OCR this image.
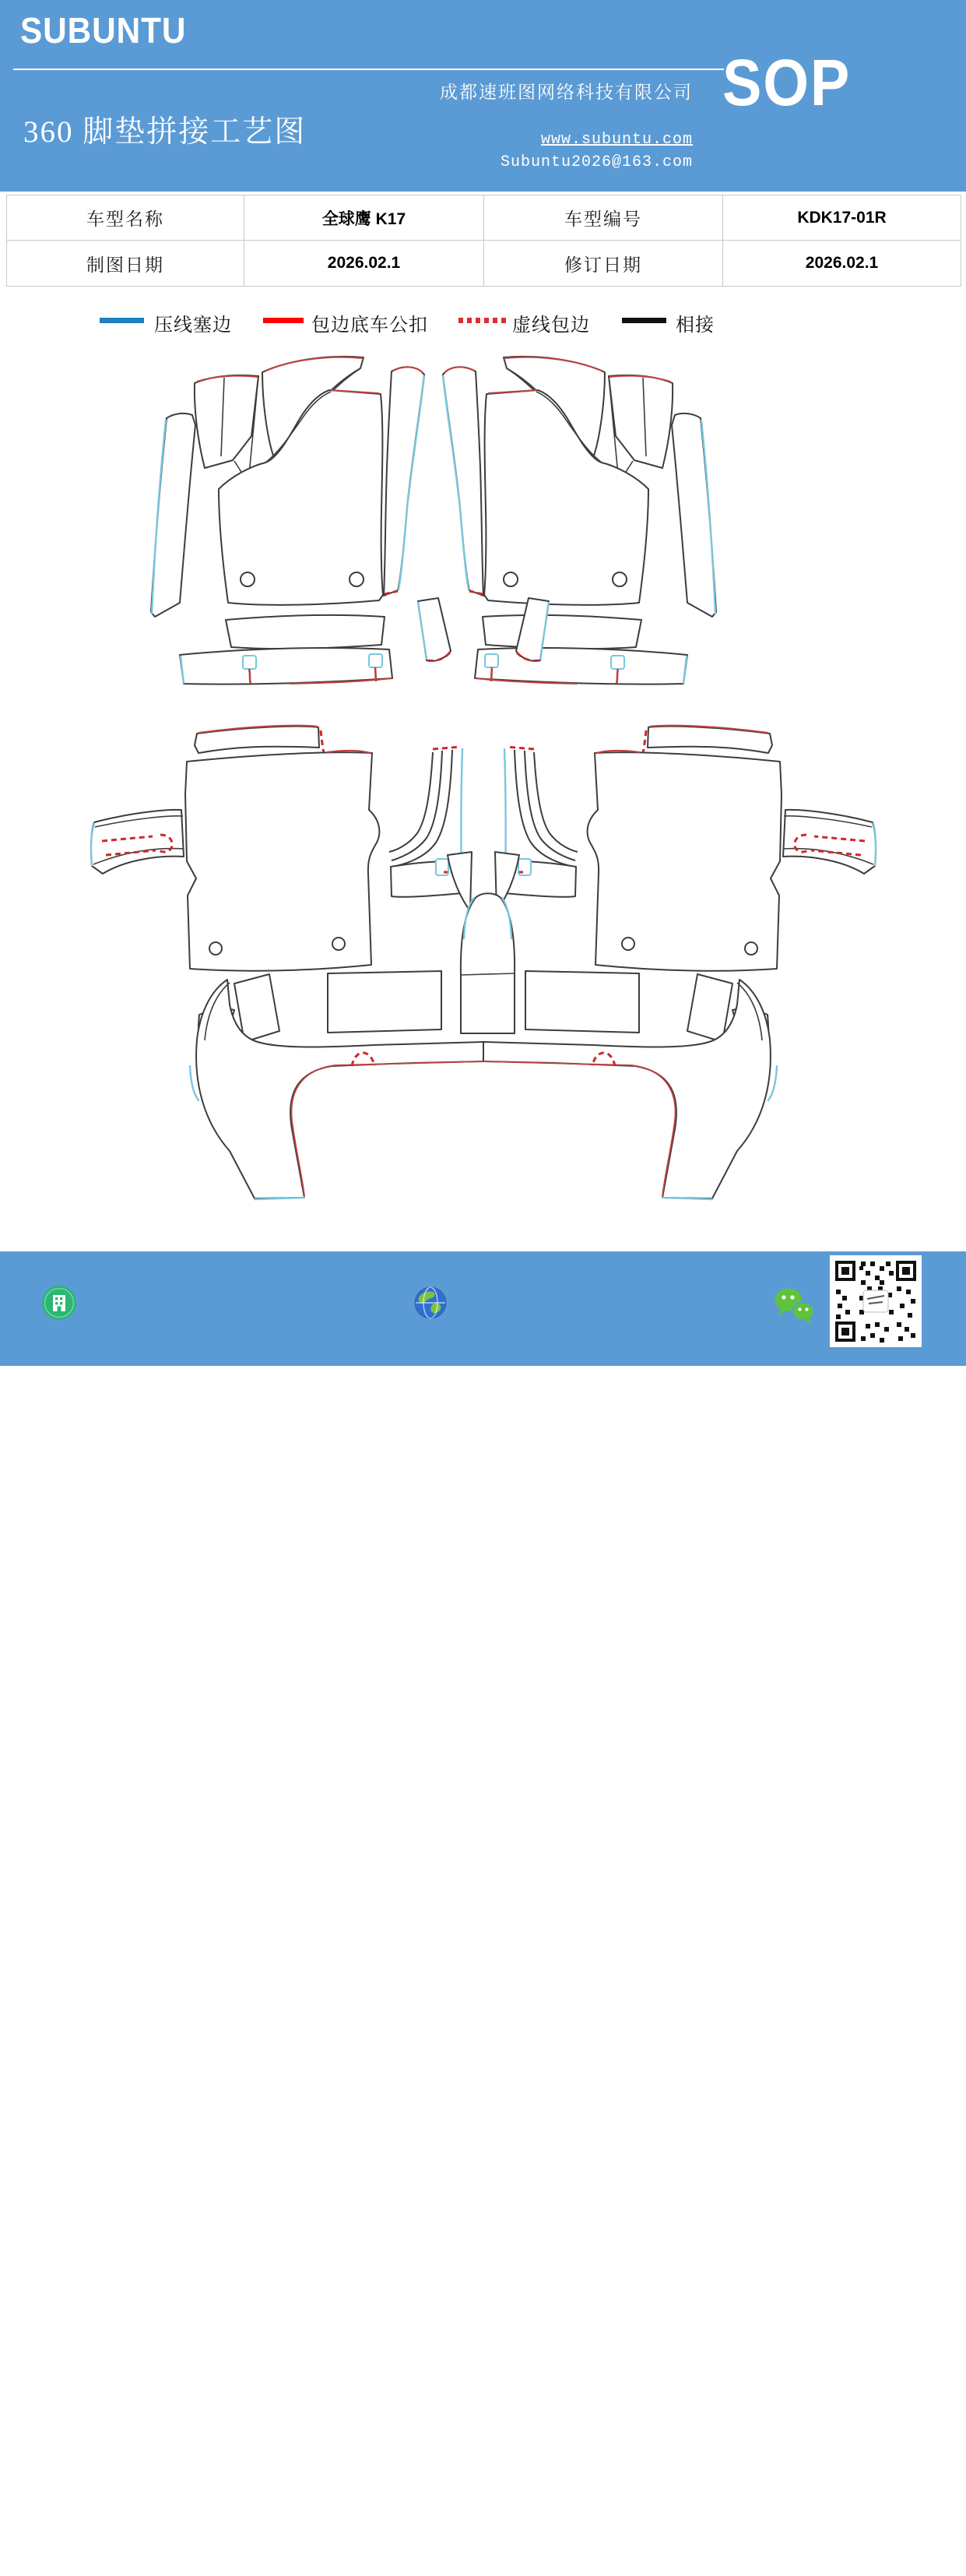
SUBUNTU
360 脚垫拼接工艺图
成都速班图网络科技有限公司
www.subuntu.com
Subuntu2026@163.com
SOP
车型名称	全球鹰 K17	车型编号	KDK17-01R
制图日期	2026.02.1	修订日期	2026.02.1
压线塞边	包边底车公扣	虚线包边	相接
成都速班图网络科技有限公司	www.subuntu.com
